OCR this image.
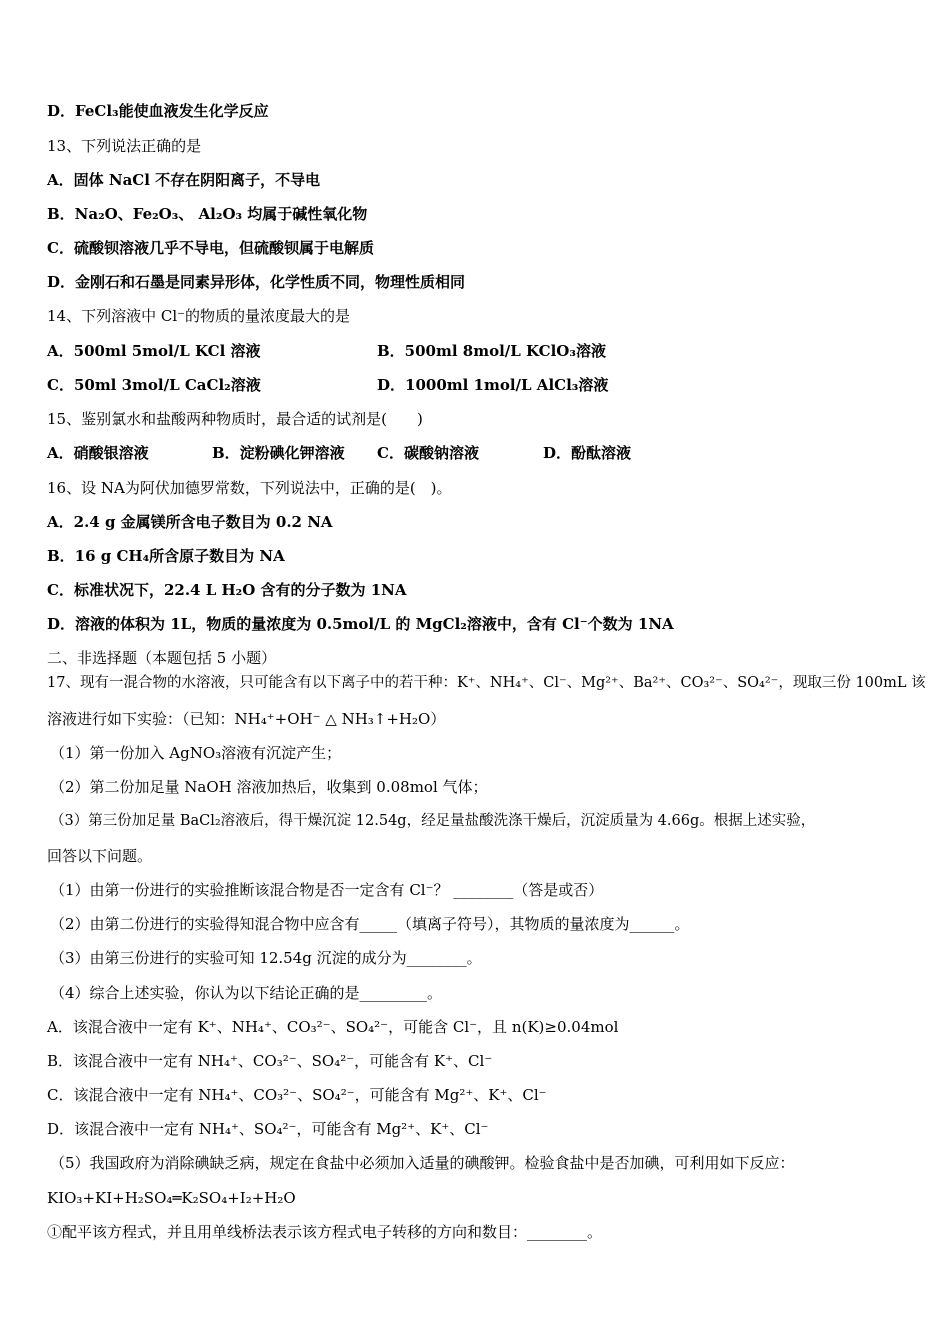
D．FeCl₃能使血液发生化学反应
13、下列说法正确的是
A．固体 NaCl 不存在阴阳离子，不导电
B．Na₂O、Fe₂O₃、 Al₂O₃ 均属于碱性氧化物
C．硫酸钡溶液几乎不导电，但硫酸钡属于电解质
D．金刚石和石墨是同素异形体，化学性质不同，物理性质相同
14、下列溶液中 Cl⁻的物质的量浓度最大的是
A．500ml 5mol/L KCl 溶液	B．500ml 8mol/L KClO₃溶液
C．50ml 3mol/L CaCl₂溶液	D．1000ml 1mol/L AlCl₃溶液
15、鉴别氯水和盐酸两种物质时，最合适的试剂是(　　)
A．硝酸银溶液	B．淀粉碘化钾溶液 C．碳酸钠溶液	D．酚酞溶液
16、设 NA为阿伏加德罗常数，下列说法中，正确的是(　)。
A．2.4 g 金属镁所含电子数目为 0.2 NA
B．16 g CH₄所含原子数目为 NA
C．标准状况下，22.4 L H₂O 含有的分子数为 1NA
D．溶液的体积为 1L，物质的量浓度为 0.5mol/L 的 MgCl₂溶液中，含有 Cl⁻个数为 1NA
二、非选择题（本题包括 5 小题）
17、现有一混合物的水溶液，只可能含有以下离子中的若干种：K⁺、NH₄⁺、Cl⁻、Mg²⁺、Ba²⁺、CO₃²⁻、SO₄²⁻，现取三份 100mL 该
溶液进行如下实验：（已知：NH₄⁺+OH⁻ △ NH₃↑+H₂O）
（1）第一份加入 AgNO₃溶液有沉淀产生；
（2）第二份加足量 NaOH 溶液加热后，收集到 0.08mol 气体；
（3）第三份加足量 BaCl₂溶液后，得干燥沉淀 12.54g，经足量盐酸洗涤干燥后，沉淀质量为 4.66g。根据上述实验，
回答以下问题。
（1）由第一份进行的实验推断该混合物是否一定含有 Cl⁻？ ________（答是或否）
（2）由第二份进行的实验得知混合物中应含有_____（填离子符号），其物质的量浓度为______。
（3）由第三份进行的实验可知 12.54g 沉淀的成分为________。
（4）综合上述实验，你认为以下结论正确的是_________。
A．该混合液中一定有 K⁺、NH₄⁺、CO₃²⁻、SO₄²⁻，可能含 Cl⁻，且 n(K)≥0.04mol
B．该混合液中一定有 NH₄⁺、CO₃²⁻、SO₄²⁻，可能含有 K⁺、Cl⁻
C．该混合液中一定有 NH₄⁺、CO₃²⁻、SO₄²⁻，可能含有 Mg²⁺、K⁺、Cl⁻
D．该混合液中一定有 NH₄⁺、SO₄²⁻，可能含有 Mg²⁺、K⁺、Cl⁻
（5）我国政府为消除碘缺乏病，规定在食盐中必须加入适量的碘酸钾。检验食盐中是否加碘，可利用如下反应：
KIO₃+KI+H₂SO₄═K₂SO₄+I₂+H₂O
①配平该方程式，并且用单线桥法表示该方程式电子转移的方向和数目：________。
